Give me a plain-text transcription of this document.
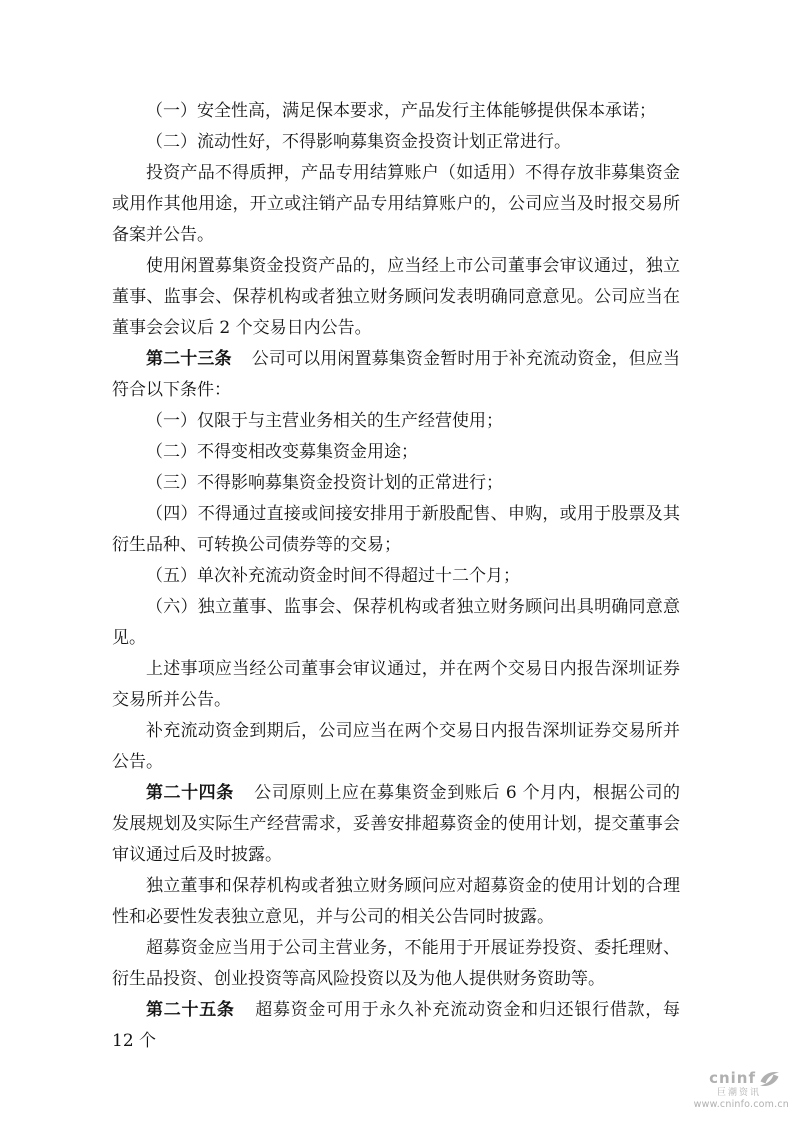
（一）安全性高，满足保本要求，产品发行主体能够提供保本承诺；

（二）流动性好，不得影响募集资金投资计划正常进行。

投资产品不得质押，产品专用结算账户（如适用）不得存放非募集资金或用作其他用途，开立或注销产品专用结算账户的，公司应当及时报交易所备案并公告。

使用闲置募集资金投资产品的，应当经上市公司董事会审议通过，独立董事、监事会、保荐机构或者独立财务顾问发表明确同意意见。公司应当在董事会会议后 2 个交易日内公告。

第二十三条 公司可以用闲置募集资金暂时用于补充流动资金，但应当符合以下条件：

（一）仅限于与主营业务相关的生产经营使用；

（二）不得变相改变募集资金用途；

（三）不得影响募集资金投资计划的正常进行；

（四）不得通过直接或间接安排用于新股配售、申购，或用于股票及其衍生品种、可转换公司债券等的交易；

（五）单次补充流动资金时间不得超过十二个月；

（六）独立董事、监事会、保荐机构或者独立财务顾问出具明确同意意见。

上述事项应当经公司董事会审议通过，并在两个交易日内报告深圳证券交易所并公告。

补充流动资金到期后，公司应当在两个交易日内报告深圳证券交易所并公告。

第二十四条 公司原则上应在募集资金到账后 6 个月内，根据公司的发展规划及实际生产经营需求，妥善安排超募资金的使用计划，提交董事会审议通过后及时披露。

独立董事和保荐机构或者独立财务顾问应对超募资金的使用计划的合理性和必要性发表独立意见，并与公司的相关公告同时披露。

超募资金应当用于公司主营业务，不能用于开展证券投资、委托理财、衍生品投资、创业投资等高风险投资以及为他人提供财务资助等。

第二十五条 超募资金可用于永久补充流动资金和归还银行借款，每 12 个

cninf
巨潮资讯
www.cninfo.com.cn
